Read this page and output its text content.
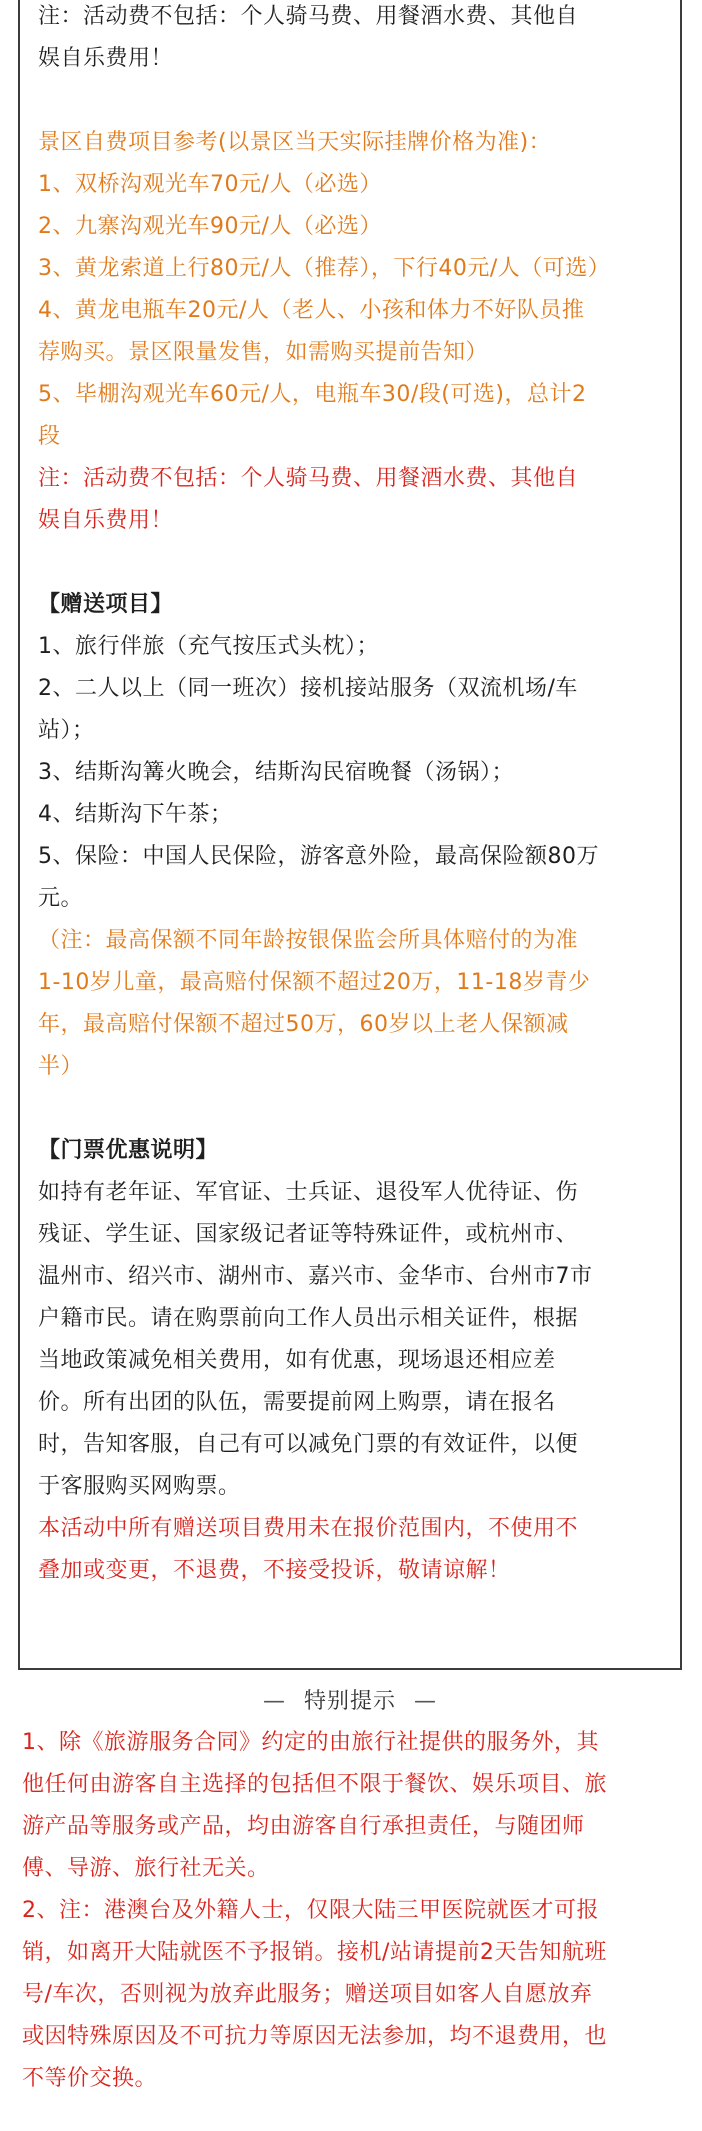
注：活动费不包括：个人骑马费、用餐酒水费、其他自

娱自乐费用！

景区自费项目参考(以景区当天实际挂牌价格为准)：

1、双桥沟观光车70元/人（必选）

2、九寨沟观光车90元/人（必选）

3、黄龙索道上行80元/人（推荐），下行40元/人（可选）

4、黄龙电瓶车20元/人（老人、小孩和体力不好队员推

荐购买。景区限量发售，如需购买提前告知）

5、毕棚沟观光车60元/人，电瓶车30/段(可选)，总计2

段

注：活动费不包括：个人骑马费、用餐酒水费、其他自

娱自乐费用！

【赠送项目】

1、旅行伴旅（充气按压式头枕）；

2、二人以上（同一班次）接机接站服务（双流机场/车

站）；

3、结斯沟篝火晚会，结斯沟民宿晚餐（汤锅）；

4、结斯沟下午茶；

5、保险：中国人民保险，游客意外险，最高保险额80万

元。

（注：最高保额不同年龄按银保监会所具体赔付的为准

1-10岁儿童，最高赔付保额不超过20万，11-18岁青少

年，最高赔付保额不超过50万，60岁以上老人保额减

半）

【门票优惠说明】

如持有老年证、军官证、士兵证、退役军人优待证、伤

残证、学生证、国家级记者证等特殊证件，或杭州市、

温州市、绍兴市、湖州市、嘉兴市、金华市、台州市7市

户籍市民。请在购票前向工作人员出示相关证件，根据

当地政策减免相关费用，如有优惠，现场退还相应差

价。所有出团的队伍，需要提前网上购票，请在报名

时，告知客服，自己有可以减免门票的有效证件，以便

于客服购买网购票。

本活动中所有赠送项目费用未在报价范围内，不使用不

叠加或变更，不退费，不接受投诉，敬请谅解！

— 特别提示 —

1、除《旅游服务合同》约定的由旅行社提供的服务外，其

他任何由游客自主选择的包括但不限于餐饮、娱乐项目、旅

游产品等服务或产品，均由游客自行承担责任，与随团师

傅、导游、旅行社无关。

2、注：港澳台及外籍人士，仅限大陆三甲医院就医才可报

销，如离开大陆就医不予报销。接机/站请提前2天告知航班

号/车次，否则视为放弃此服务；赠送项目如客人自愿放弃

或因特殊原因及不可抗力等原因无法参加，均不退费用，也

不等价交换。
